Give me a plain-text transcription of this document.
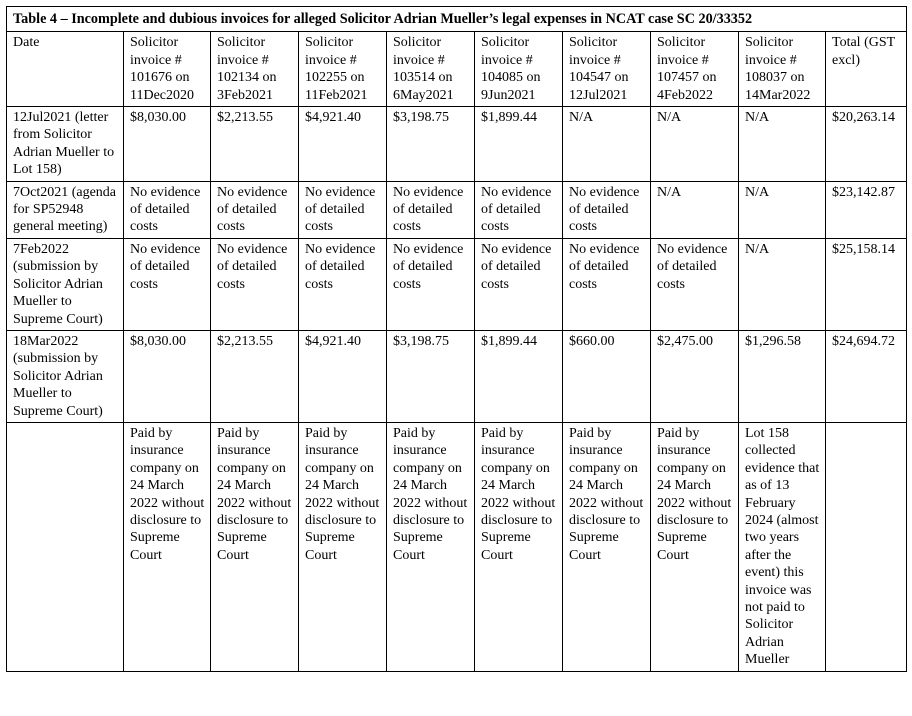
Table 4 – Incomplete and dubious invoices for alleged Solicitor Adrian Mueller’s legal expenses in NCAT case SC 20/33352									
Date	Solicitor invoice # 101676 on 11Dec2020	Solicitor invoice # 102134 on 3Feb2021	Solicitor invoice # 102255 on 11Feb2021	Solicitor invoice # 103514 on 6May2021	Solicitor invoice # 104085 on 9Jun2021	Solicitor invoice # 104547 on 12Jul2021	Solicitor invoice # 107457 on 4Feb2022	Solicitor invoice # 108037 on 14Mar2022	Total (GST excl)
12Jul2021 (letter from Solicitor Adrian Mueller to Lot 158)	$8,030.00	$2,213.55	$4,921.40	$3,198.75	$1,899.44	N/A	N/A	N/A	$20,263.14
7Oct2021 (agenda for SP52948 general meeting)	No evidence of detailed costs	No evidence of detailed costs	No evidence of detailed costs	No evidence of detailed costs	No evidence of detailed costs	No evidence of detailed costs	N/A	N/A	$23,142.87
7Feb2022 (submission by Solicitor Adrian Mueller to Supreme Court)	No evidence of detailed costs	No evidence of detailed costs	No evidence of detailed costs	No evidence of detailed costs	No evidence of detailed costs	No evidence of detailed costs	No evidence of detailed costs	N/A	$25,158.14
18Mar2022 (submission by Solicitor Adrian Mueller to Supreme Court)	$8,030.00	$2,213.55	$4,921.40	$3,198.75	$1,899.44	$660.00	$2,475.00	$1,296.58	$24,694.72
	Paid by insurance company on 24 March 2022 without disclosure to Supreme Court	Paid by insurance company on 24 March 2022 without disclosure to Supreme Court	Paid by insurance company on 24 March 2022 without disclosure to Supreme Court	Paid by insurance company on 24 March 2022 without disclosure to Supreme Court	Paid by insurance company on 24 March 2022 without disclosure to Supreme Court	Paid by insurance company on 24 March 2022 without disclosure to Supreme Court	Paid by insurance company on 24 March 2022 without disclosure to Supreme Court	Lot 158 collected evidence that as of 13 February 2024 (almost two years after the event) this invoice was not paid to Solicitor Adrian Mueller	
